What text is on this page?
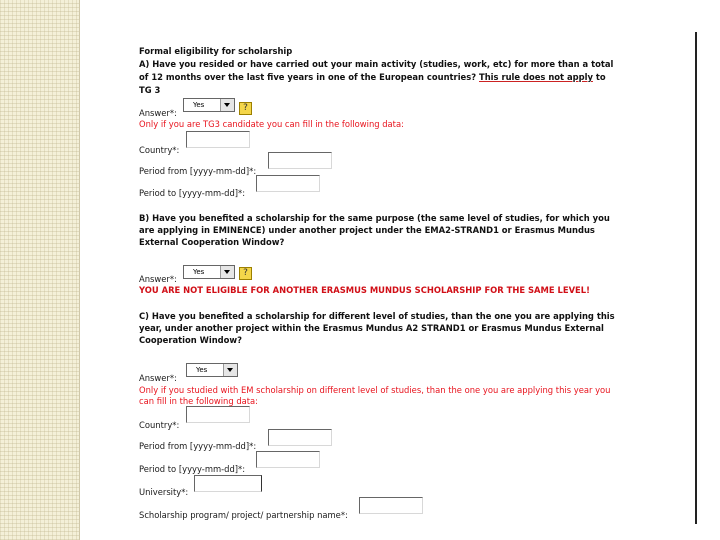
Formal eligibility for scholarship
A) Have you resided or have carried out your main activity (studies, work, etc) for more than a total
of 12 months over the last five years in one of the European countries? This rule does not apply to
TG 3
Answer*:
Yes	?
Only if you are TG3 candidate you can fill in the following data:
Country*:
Period from [yyyy-mm-dd]*:
Period to [yyyy-mm-dd]*:
B) Have you benefited a scholarship for the same purpose (the same level of studies, for which you
are applying in EMINENCE) under another project under the EMA2-STRAND1 or Erasmus Mundus
External Cooperation Window?
Answer*:
Yes	?
YOU ARE NOT ELIGIBLE FOR ANOTHER ERASMUS MUNDUS SCHOLARSHIP FOR THE SAME LEVEL!
C) Have you benefited a scholarship for different level of studies, than the one you are applying this
year, under another project within the Erasmus Mundus A2 STRAND1 or Erasmus Mundus External
Cooperation Window?
Answer*:
Yes
Only if you studied with EM scholarship on different level of studies, than the one you are applying this year you
can fill in the following data:
Country*:
Period from [yyyy-mm-dd]*:
Period to [yyyy-mm-dd]*:
University*:
Scholarship program/ project/ partnership name*:
